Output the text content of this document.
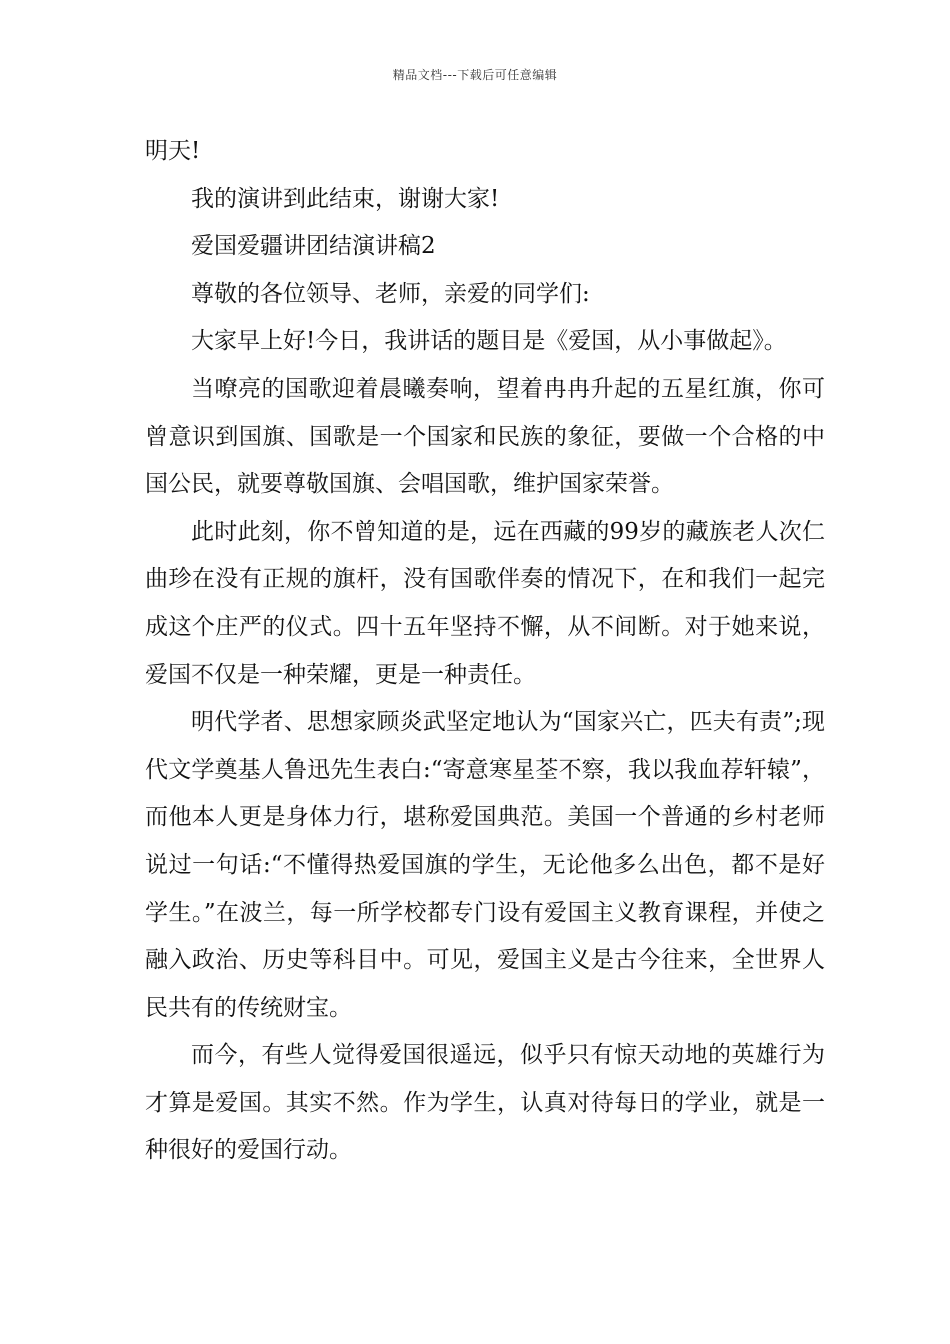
精品文档---下载后可任意编辑

明天!

我的演讲到此结束，谢谢大家!

爱国爱疆讲团结演讲稿2

尊敬的各位领导、老师，亲爱的同学们:

大家早上好!今日，我讲话的题目是《爱国，从小事做起》。

当嘹亮的国歌迎着晨曦奏响，望着冉冉升起的五星红旗，你可曾意识到国旗、国歌是一个国家和民族的象征，要做一个合格的中国公民，就要尊敬国旗、会唱国歌，维护国家荣誉。

此时此刻，你不曾知道的是，远在西藏的99岁的藏族老人次仁曲珍在没有正规的旗杆，没有国歌伴奏的情况下，在和我们一起完成这个庄严的仪式。四十五年坚持不懈，从不间断。对于她来说，爱国不仅是一种荣耀，更是一种责任。

明代学者、思想家顾炎武坚定地认为“国家兴亡，匹夫有责”;现代文学奠基人鲁迅先生表白:“寄意寒星荃不察，我以我血荐轩辕”，而他本人更是身体力行，堪称爱国典范。美国一个普通的乡村老师说过一句话:“不懂得热爱国旗的学生，无论他多么出色，都不是好学生。”在波兰，每一所学校都专门设有爱国主义教育课程，并使之融入政治、历史等科目中。可见，爱国主义是古今往来，全世界人民共有的传统财宝。

而今，有些人觉得爱国很遥远，似乎只有惊天动地的英雄行为才算是爱国。其实不然。作为学生，认真对待每日的学业，就是一种很好的爱国行动。
